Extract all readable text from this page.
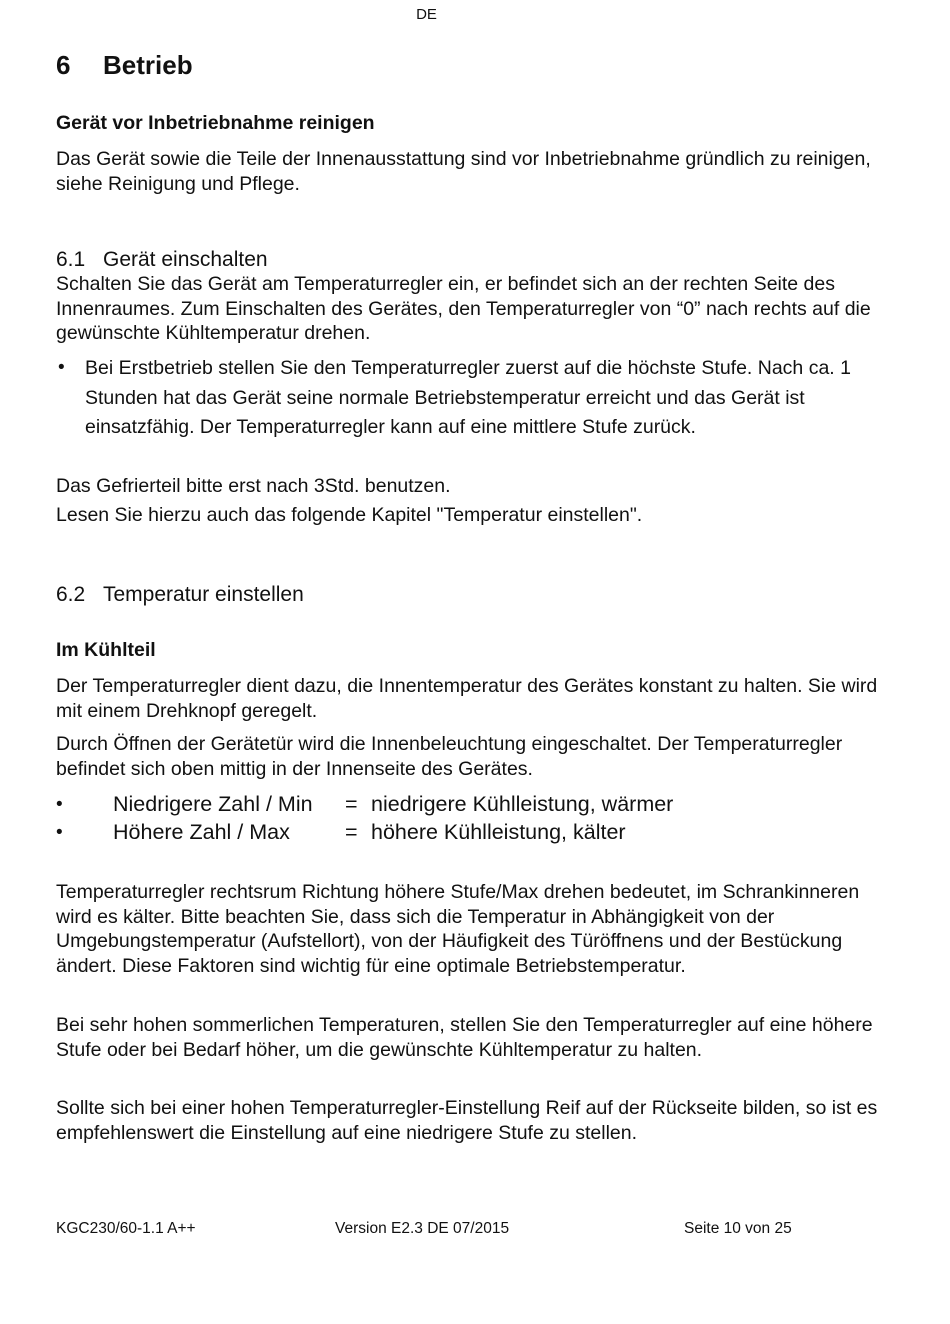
DE
6 Betrieb
Gerät vor Inbetriebnahme reinigen

Das Gerät sowie die Teile der Innenausstattung sind vor Inbetriebnahme gründlich zu reinigen, siehe Reinigung und Pflege.

6.1 Gerät einschalten

Schalten Sie das Gerät am Temperaturregler ein, er befindet sich an der rechten Seite des Innenraumes. Zum Einschalten des Gerätes, den Temperaturregler von “0” nach rechts auf die gewünschte Kühltemperatur drehen.

• Bei Erstbetrieb stellen Sie den Temperaturregler zuerst auf die höchste Stufe. Nach ca. 1 Stunden hat das Gerät seine normale Betriebstemperatur erreicht und das Gerät ist einsatzfähig. Der Temperaturregler kann auf eine mittlere Stufe zurück.

Das Gefrierteil bitte erst nach 3Std. benutzen.

Lesen Sie hierzu auch das folgende Kapitel "Temperatur einstellen".

6.2 Temperatur einstellen
Im Kühlteil

Der Temperaturregler dient dazu, die Innentemperatur des Gerätes konstant zu halten. Sie wird mit einem Drehknopf geregelt.

Durch Öffnen der Gerätetür wird die Innenbeleuchtung eingeschaltet. Der Temperaturregler befindet sich oben mittig in der Innenseite des Gerätes.

• Niedrigere Zahl / Min = niedrigere Kühlleistung, wärmer
• Höhere Zahl / Max	= höhere Kühlleistung, kälter

Temperaturregler rechtsrum Richtung höhere Stufe/Max drehen bedeutet, im Schrankinneren wird es kälter. Bitte beachten Sie, dass sich die Temperatur in Abhängigkeit von der Umgebungstemperatur (Aufstellort), von der Häufigkeit des Türöffnens und der Bestückung ändert. Diese Faktoren sind wichtig für eine optimale Betriebstemperatur.

Bei sehr hohen sommerlichen Temperaturen, stellen Sie den Temperaturregler auf eine höhere Stufe oder bei Bedarf höher, um die gewünschte Kühltemperatur zu halten.

Sollte sich bei einer hohen Temperaturregler-Einstellung Reif auf der Rückseite bilden, so ist es empfehlenswert die Einstellung auf eine niedrigere Stufe zu stellen.

KGC230/60-1.1 A++	Version E2.3 DE 07/2015	Seite 10 von 25
